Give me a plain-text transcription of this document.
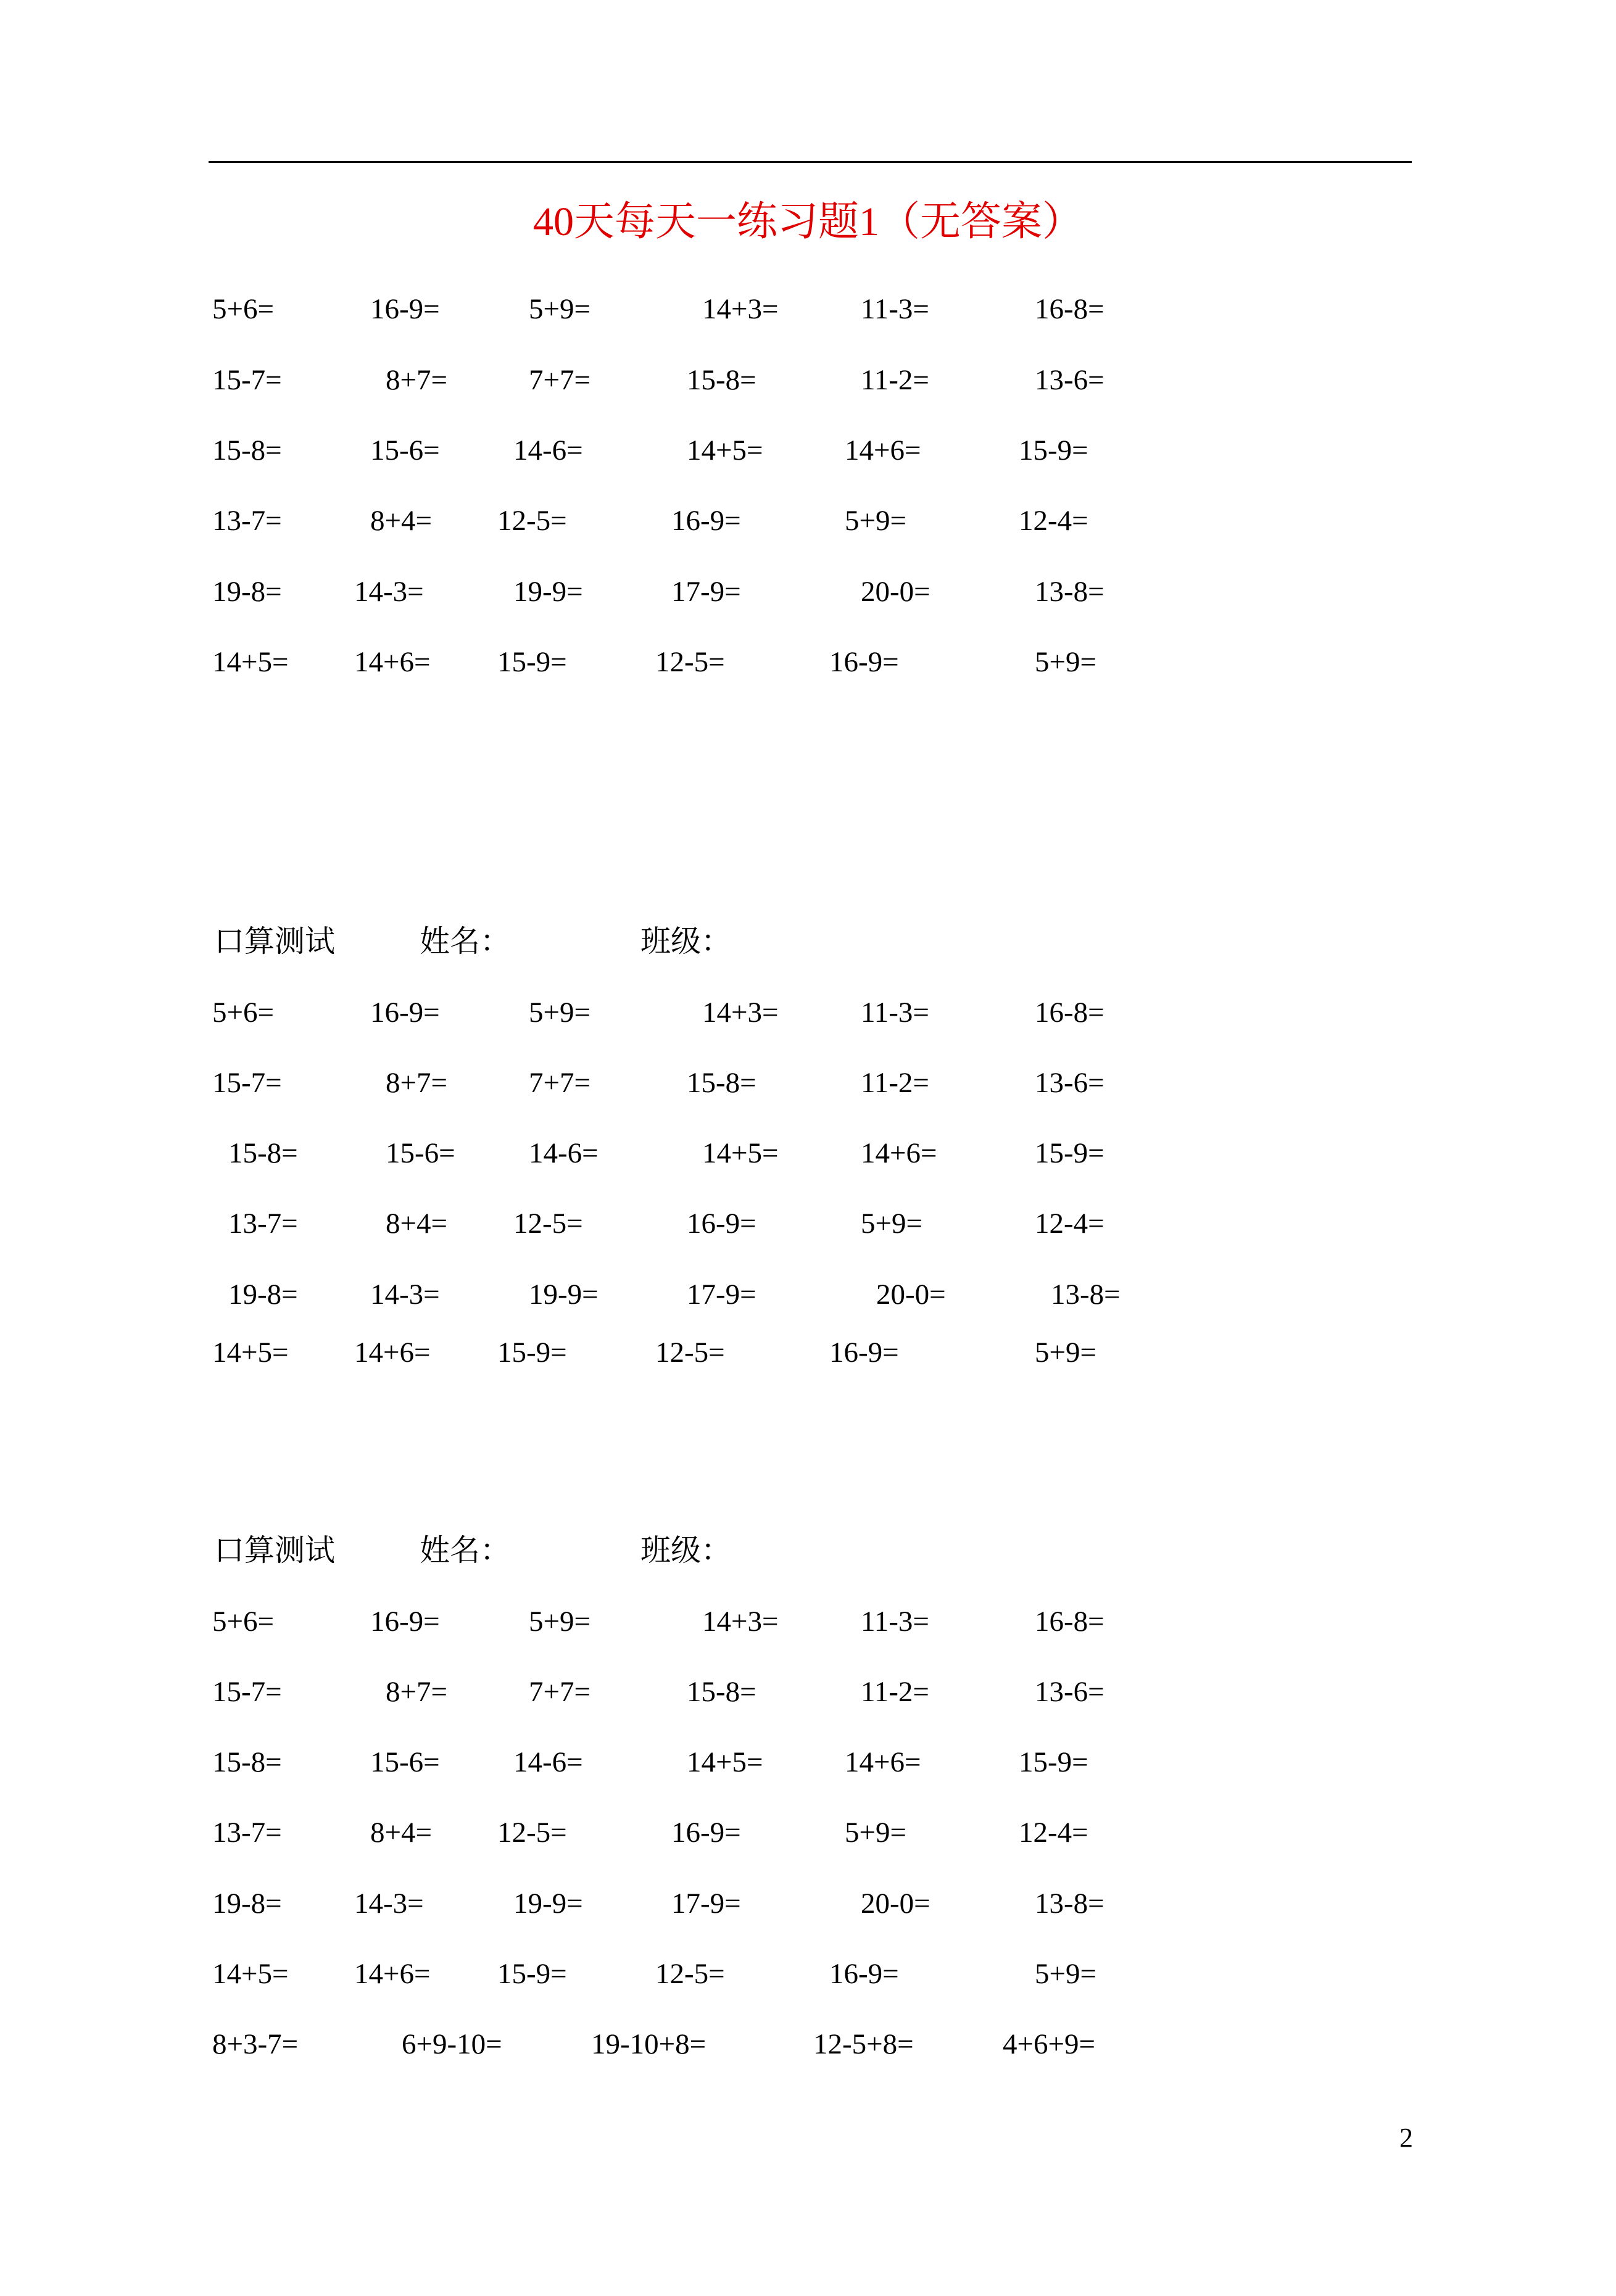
40天每天一练习题1（无答案）
5+6=	16-9=	5+9=	14+3=	11-3=	16-8=
15-7=	8+7=	7+7=	15-8=	11-2=	13-6=
15-8=	15-6=	14-6=	14+5=	14+6=	15-9=
13-7=	8+4= 12-5=	16-9=	5+9=	12-4=
19-8= 14-3=	19-9=	17-9=	20-0=	13-8=
14+5= 14+6= 15-9=	12-5=	16-9=	5+9=
口算测试	姓名：	班级：
5+6=	16-9=	5+9=	14+3=	11-3=	16-8=
15-7=	8+7=	7+7=	15-8=	11-2=	13-6=
15-8=	15-6=	14-6=	14+5=	14+6=	15-9=
13-7=	8+4= 12-5=	16-9=	5+9=	12-4=
19-8= 14-3=	19-9=	17-9=	20-0=	13-8=
14+5= 14+6= 15-9=	12-5=	16-9=	5+9=
口算测试	姓名：	班级：
5+6=	16-9=	5+9=	14+3=	11-3=	16-8=
15-7=	8+7=	7+7=	15-8=	11-2=	13-6=
15-8=	15-6=	14-6=	14+5=	14+6=	15-9=
13-7=	8+4= 12-5=	16-9=	5+9=	12-4=
19-8= 14-3=	19-9=	17-9=	20-0=	13-8=
14+5= 14+6= 15-9=	12-5=	16-9=	5+9=
8+3-7=	6+9-10=	19-10+8=	12-5+8=	4+6+9=
2
